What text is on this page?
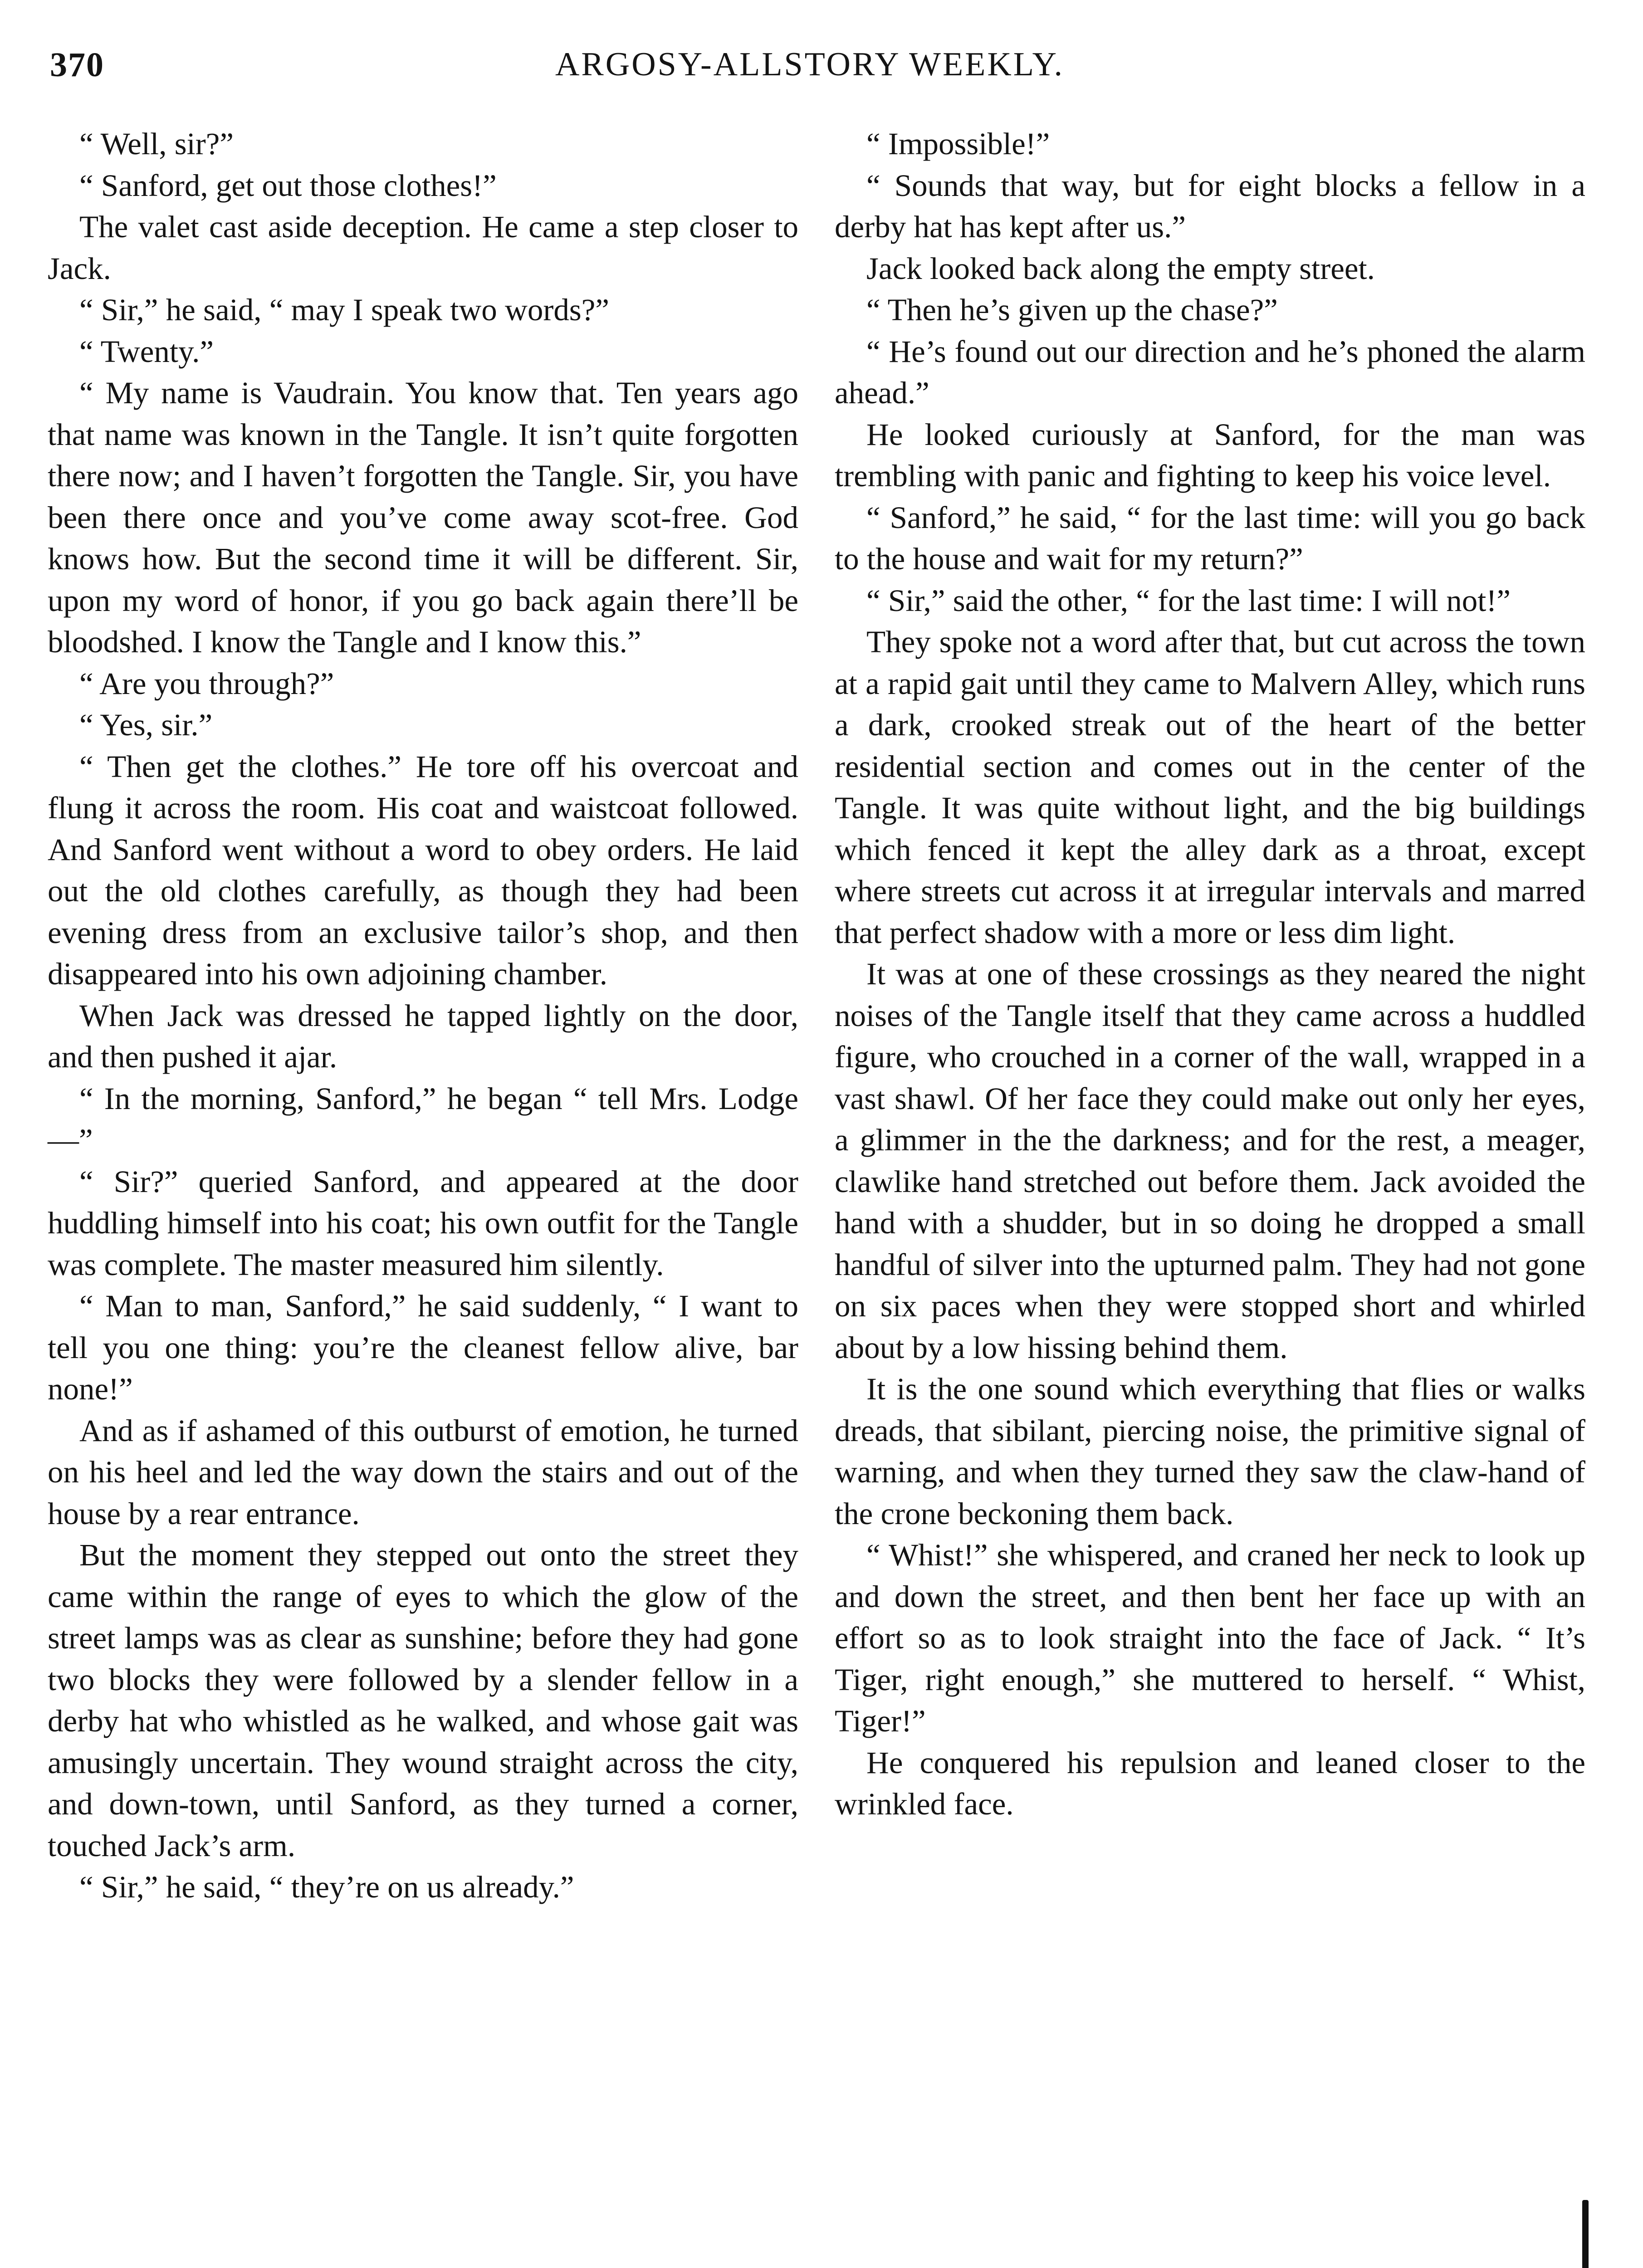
370	ARGOSY-ALLSTORY WEEKLY.

“ Well, sir?”

“ Sanford, get out those clothes!”

The valet cast aside deception. He came a step closer to Jack.

“ Sir,” he said, “ may I speak two words?”

“ Twenty.”

“ My name is Vaudrain. You know that. Ten years ago that name was known in the Tangle. It isn’t quite forgotten there now; and I haven’t forgotten the Tangle. Sir, you have been there once and you’ve come away scot-free. God knows how. But the second time it will be different. Sir, upon my word of honor, if you go back again there’ll be bloodshed. I know the Tangle and I know this.”

“ Are you through?”

“ Yes, sir.”

“ Then get the clothes.” He tore off his overcoat and flung it across the room. His coat and waistcoat followed. And Sanford went without a word to obey orders. He laid out the old clothes carefully, as though they had been evening dress from an exclusive tailor’s shop, and then disappeared into his own adjoining chamber.

When Jack was dressed he tapped lightly on the door, and then pushed it ajar.

“ In the morning, Sanford,” he began “ tell Mrs. Lodge—”

“ Sir?” queried Sanford, and appeared at the door huddling himself into his coat; his own outfit for the Tangle was complete. The master measured him silently.

“ Man to man, Sanford,” he said suddenly, “ I want to tell you one thing: you’re the cleanest fellow alive, bar none!”

And as if ashamed of this outburst of emotion, he turned on his heel and led the way down the stairs and out of the house by a rear entrance.

But the moment they stepped out onto the street they came within the range of eyes to which the glow of the street lamps was as clear as sunshine; before they had gone two blocks they were followed by a slender fellow in a derby hat who whistled as he walked, and whose gait was amusingly uncertain. They wound straight across the city, and down-town, until Sanford, as they turned a corner, touched Jack’s arm.

“ Sir,” he said, “ they’re on us already.”

“ Impossible!”

“ Sounds that way, but for eight blocks a fellow in a derby hat has kept after us.”

Jack looked back along the empty street.

“ Then he’s given up the chase?”

“ He’s found out our direction and he’s phoned the alarm ahead.”

He looked curiously at Sanford, for the man was trembling with panic and fighting to keep his voice level.

“ Sanford,” he said, “ for the last time: will you go back to the house and wait for my return?”

“ Sir,” said the other, “ for the last time: I will not!”

They spoke not a word after that, but cut across the town at a rapid gait until they came to Malvern Alley, which runs a dark, crooked streak out of the heart of the better residential section and comes out in the center of the Tangle. It was quite without light, and the big buildings which fenced it kept the alley dark as a throat, except where streets cut across it at irregular intervals and marred that perfect shadow with a more or less dim light.

It was at one of these crossings as they neared the night noises of the Tangle itself that they came across a huddled figure, who crouched in a corner of the wall, wrapped in a vast shawl. Of her face they could make out only her eyes, a glimmer in the the darkness; and for the rest, a meager, clawlike hand stretched out before them. Jack avoided the hand with a shudder, but in so doing he dropped a small handful of silver into the upturned palm. They had not gone on six paces when they were stopped short and whirled about by a low hissing behind them.

It is the one sound which everything that flies or walks dreads, that sibilant, piercing noise, the primitive signal of warning, and when they turned they saw the claw-hand of the crone beckoning them back.

“ Whist!” she whispered, and craned her neck to look up and down the street, and then bent her face up with an effort so as to look straight into the face of Jack. “ It’s Tiger, right enough,” she muttered to herself. “ Whist, Tiger!”

He conquered his repulsion and leaned closer to the wrinkled face.
